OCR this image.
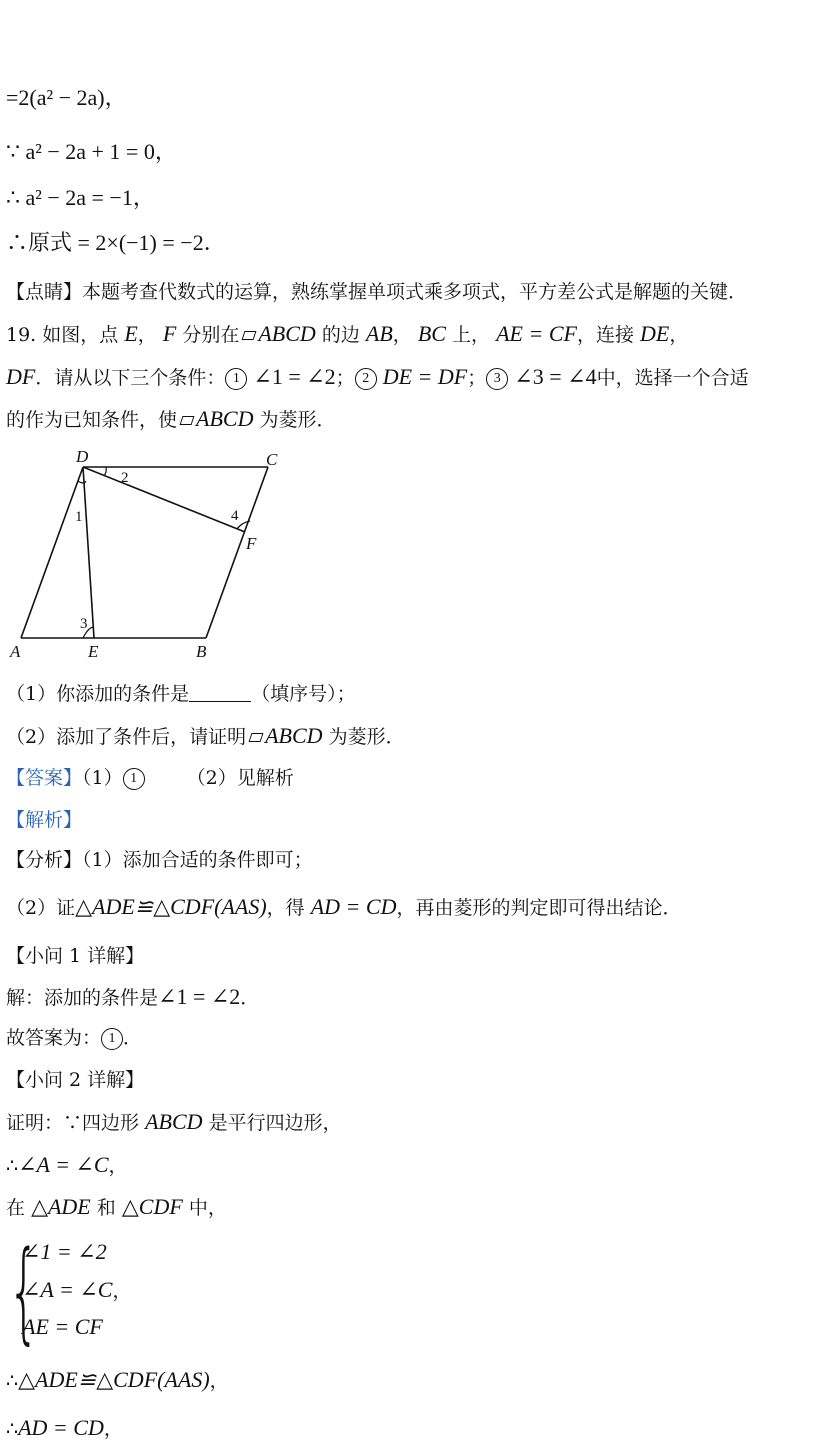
=2(a² − 2a)，
∵ a² − 2a + 1 = 0，
∴ a² − 2a = −1，
∴原式 = 2×(−1) = −2．
【点睛】本题考查代数式的运算，熟练掌握单项式乘多项式，平方差公式是解题的关键．
19. 如图，点 E， F 分别在 ABCD 的边 AB， BC 上， AE = CF，连接 DE，
DF．请从以下三个条件： 1 ∠1 = ∠2； 2 DE = DF； 3 ∠3 = ∠4中，选择一个合适
的作为已知条件，使 ABCD 为菱形．
D	C
A	E	B
F
1
2
3
4
（1）你添加的条件是	（填序号）；
（2）添加了条件后，请证明 ABCD 为菱形．
【答案】（1） 1	（2）见解析
【解析】
【分析】（1）添加合适的条件即可；
（2）证△ADE≌△CDF(AAS)，得 AD = CD，再由菱形的判定即可得出结论．
【小问 1 详解】
解：添加的条件是∠1 = ∠2．
故答案为： 1 ．
【小问 2 详解】
证明：∵四边形 ABCD 是平行四边形，
∴∠A = ∠C，
在 △ADE 和 △CDF 中，
{
∠1 = ∠2
∠A = ∠C，
AE = CF
∴△ADE≌△CDF(AAS)，
∴AD = CD，
